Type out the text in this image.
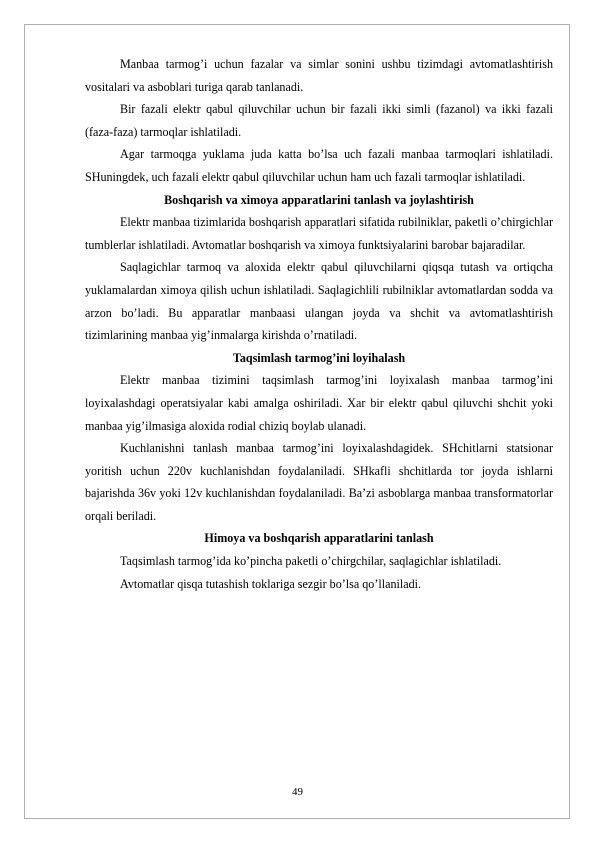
Manbaa tarmog’i uchun fazalar va simlar sonini ushbu tizimdagi avtomatlashtirish vositalari va asboblari turiga qarab tanlanadi.

Bir fazali elektr qabul qiluvchilar uchun bir fazali ikki simli (fazanol) va ikki fazali (faza-faza) tarmoqlar ishlatiladi.

Agar tarmoqga yuklama juda katta bo’lsa uch fazali manbaa tarmoqlari ishlatiladi. SHuningdek, uch fazali elektr qabul qiluvchilar uchun ham uch fazali tarmoqlar ishlatiladi.

Boshqarish va ximoya apparatlarini tanlash va joylashtirish

Elektr manbaa tizimlarida boshqarish apparatlari sifatida rubilniklar, paketli o’chirgichlar tumblerlar ishlatiladi. Avtomatlar boshqarish va ximoya funktsiyalarini barobar bajaradilar.

Saqlagichlar tarmoq va aloxida elektr qabul qiluvchilarni qiqsqa tutash va ortiqcha yuklamalardan ximoya qilish uchun ishlatiladi. Saqlagichlili rubilniklar avtomatlardan sodda va arzon bo’ladi. Bu apparatlar manbaasi ulangan joyda va shchit va avtomatlashtirish tizimlarining manbaa yig’inmalarga kirishda o’rnatiladi.

Taqsimlash tarmog’ini loyihalash

Elektr manbaa tizimini taqsimlash tarmog’ini loyixalash manbaa tarmog’ini loyixalashdagi operatsiyalar kabi amalga oshiriladi. Xar bir elektr qabul qiluvchi shchit yoki manbaa yig’ilmasiga aloxida rodial chiziq boylab ulanadi.

Kuchlanishni tanlash manbaa tarmog’ini loyixalashdagidek. SHchitlarni statsionar yoritish uchun 220v kuchlanishdan foydalaniladi. SHkafli shchitlarda tor joyda ishlarni bajarishda 36v yoki 12v kuchlanishdan foydalaniladi. Ba’zi asboblarga manbaa transformatorlar orqali beriladi.

Himoya va boshqarish apparatlarini tanlash

Taqsimlash tarmog’ida ko’pincha paketli o’chirgchilar, saqlagichlar ishlatiladi.

Avtomatlar qisqa tutashish toklariga sezgir bo’lsa qo’llaniladi.

49
